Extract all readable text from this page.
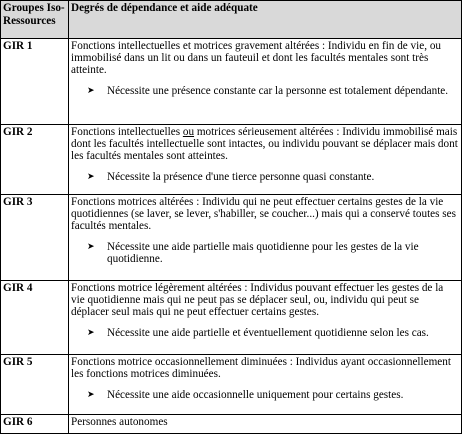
Groupes Iso-Ressources	Degrés de dépendance et aide adéquate
GIR 1	Fonctions intellectuelles et motrices gravement altérées : Individu en fin de vie, ou immobilisé dans un lit ou dans un fauteuil et dont les facultés mentales sont très atteinte.

➤ Nécessite une présence constante car la personne est totalement dépendante.

GIR 2	Fonctions intellectuelles ou motrices sérieusement altérées : Individu immobilisé mais dont les facultés intellectuelle sont intactes, ou individu pouvant se déplacer mais dont les facultés mentales sont atteintes.

➤ Nécessite la présence d'une tierce personne quasi constante.

GIR 3	Fonctions motrices altérées : Individu qui ne peut effectuer certains gestes de la vie quotidiennes (se laver, se lever, s'habiller, se coucher...) mais qui a conservé toutes ses facultés mentales.

➤ Nécessite une aide partielle mais quotidienne pour les gestes de la vie quotidienne.

GIR 4	Fonctions motrice légèrement altérées : Individus pouvant effectuer les gestes de la vie quotidienne mais qui ne peut pas se déplacer seul, ou, individu qui peut se déplacer seul mais qui ne peut effectuer certains gestes.

➤ Nécessite une aide partielle et éventuellement quotidienne selon les cas.

GIR 5	Fonctions motrice occasionnellement diminuées : Individus ayant occasionnellement les fonctions motrices diminuées.

➤ Nécessite une aide occasionnelle uniquement pour certains gestes.

GIR 6	Personnes autonomes
